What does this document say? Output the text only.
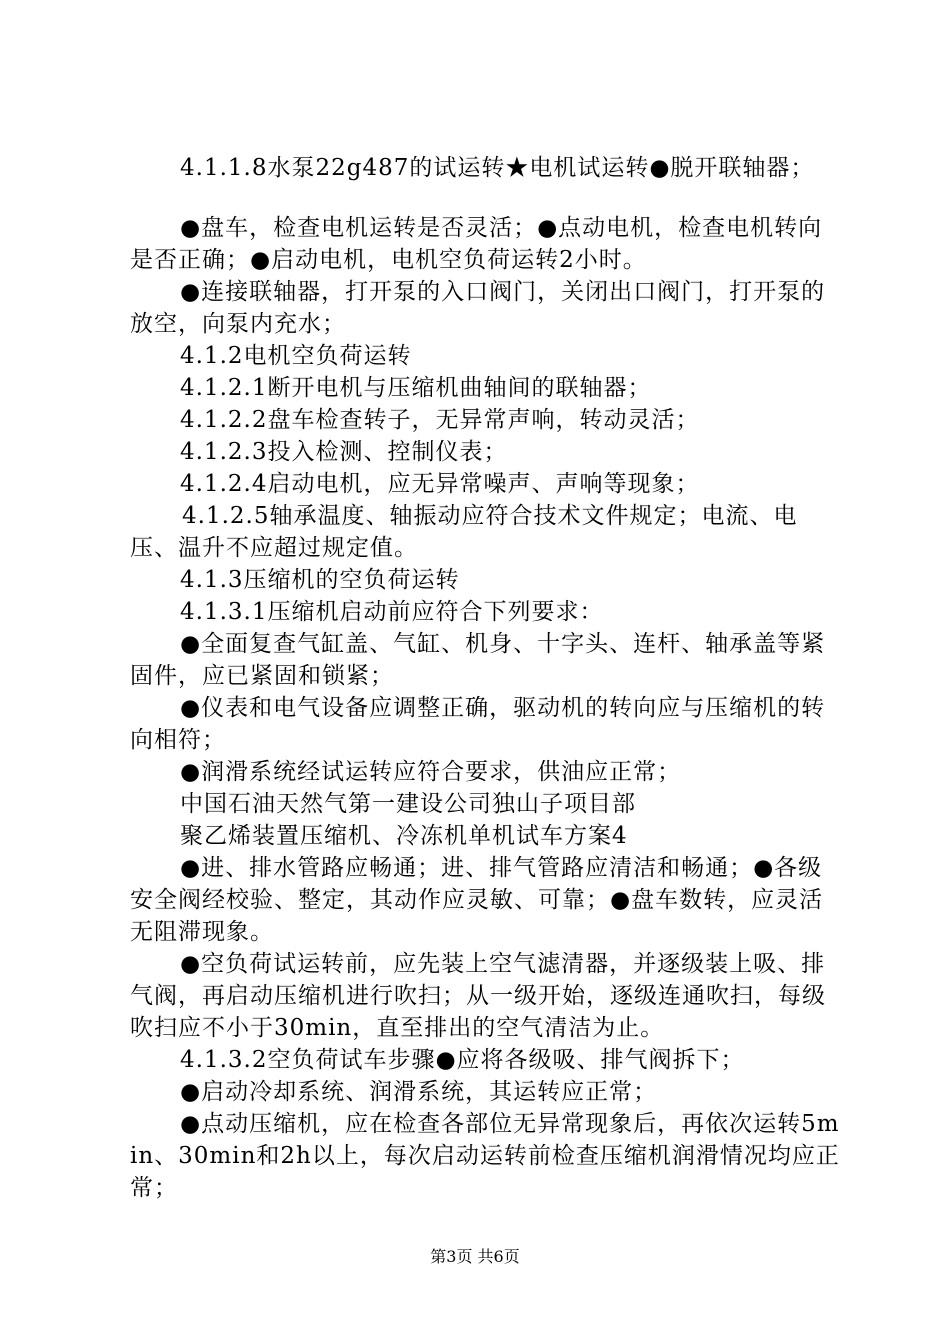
4.1.1.8水泵22g487的试运转★电机试运转●脱开联轴器；

●盘车，检查电机运转是否灵活；●点动电机，检查电机转向是否正确；●启动电机，电机空负荷运转2小时。

●连接联轴器，打开泵的入口阀门，关闭出口阀门，打开泵的放空，向泵内充水；

4.1.2电机空负荷运转

4.1.2.1断开电机与压缩机曲轴间的联轴器；

4.1.2.2盘车检查转子，无异常声响，转动灵活；

4.1.2.3投入检测、控制仪表；

4.1.2.4启动电机，应无异常噪声、声响等现象；

4.1.2.5轴承温度、轴振动应符合技术文件规定；电流、电压、温升不应超过规定值。

4.1.3压缩机的空负荷运转

4.1.3.1压缩机启动前应符合下列要求：

●全面复查气缸盖、气缸、机身、十字头、连杆、轴承盖等紧固件，应已紧固和锁紧；

●仪表和电气设备应调整正确，驱动机的转向应与压缩机的转向相符；

●润滑系统经试运转应符合要求，供油应正常；

中国石油天然气第一建设公司独山子项目部

聚乙烯装置压缩机、冷冻机单机试车方案4

●进、排水管路应畅通；进、排气管路应清洁和畅通；●各级安全阀经校验、整定，其动作应灵敏、可靠；●盘车数转，应灵活无阻滞现象。

●空负荷试运转前，应先装上空气滤清器，并逐级装上吸、排气阀，再启动压缩机进行吹扫；从一级开始，逐级连通吹扫，每级吹扫应不小于30min，直至排出的空气清洁为止。

4.1.3.2空负荷试车步骤●应将各级吸、排气阀拆下；

●启动冷却系统、润滑系统，其运转应正常；

●点动压缩机，应在检查各部位无异常现象后，再依次运转5min、30min和2h以上，每次启动运转前检查压缩机润滑情况均应正常；

第3页 共6页
